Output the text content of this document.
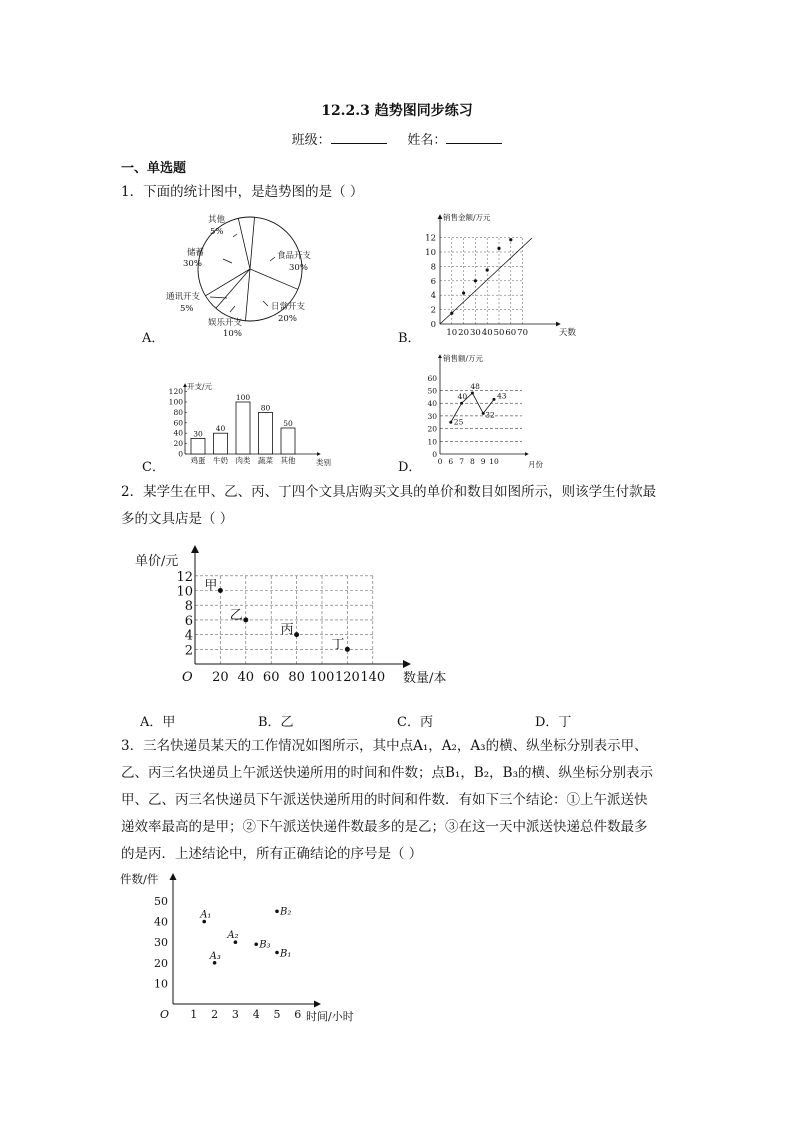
12.2.3 趋势图同步练习
班级：	姓名：
一、单选题
1．下面的统计图中，是趋势图的是（ ）
A．	B．
C．	D．
其他
5%
储蓄
30%
食品开支
30%
日常开支
20%
娱乐开支
10%
通讯开支
5%
销售金额/万元
天数
0
2
4
6
8
10
12
10 20 30 40 50 60 70
开支/元
类别
0
20
40
60
80
100
120
30
鸡蛋
40
牛奶
100
肉类
80
蔬菜
50
其他
销售额/万元
月份
0
10
20
30
40
50
60
0 6 7 8 9 10
25
40
48
32
43
2．某学生在甲、乙、丙、丁四个文具店购买文具的单价和数目如图所示，则该学生付款最
多的文具店是（ ）
单价/元
数量/本
O
2
4
6
8
10
12
20 40 60 80 100 120 140
甲
乙
丙
丁
A．甲	B．乙	C．丙	D．丁
3．三名快递员某天的工作情况如图所示，其中点A₁，A₂，A₃的横、纵坐标分别表示甲、
乙、丙三名快递员上午派送快递所用的时间和件数；点B₁，B₂，B₃的横、纵坐标分别表示
甲、乙、丙三名快递员下午派送快递所用的时间和件数．有如下三个结论：①上午派送快
递效率最高的是甲；②下午派送快递件数最多的是乙；③在这一天中派送快递总件数最多
的是丙．上述结论中，所有正确结论的序号是（ ）
件数/件
时间/小时
O
10
20
30
40
50
1 2 3 4 5 6
A₁
A₂
A₃	B₁
B₂
B₃
